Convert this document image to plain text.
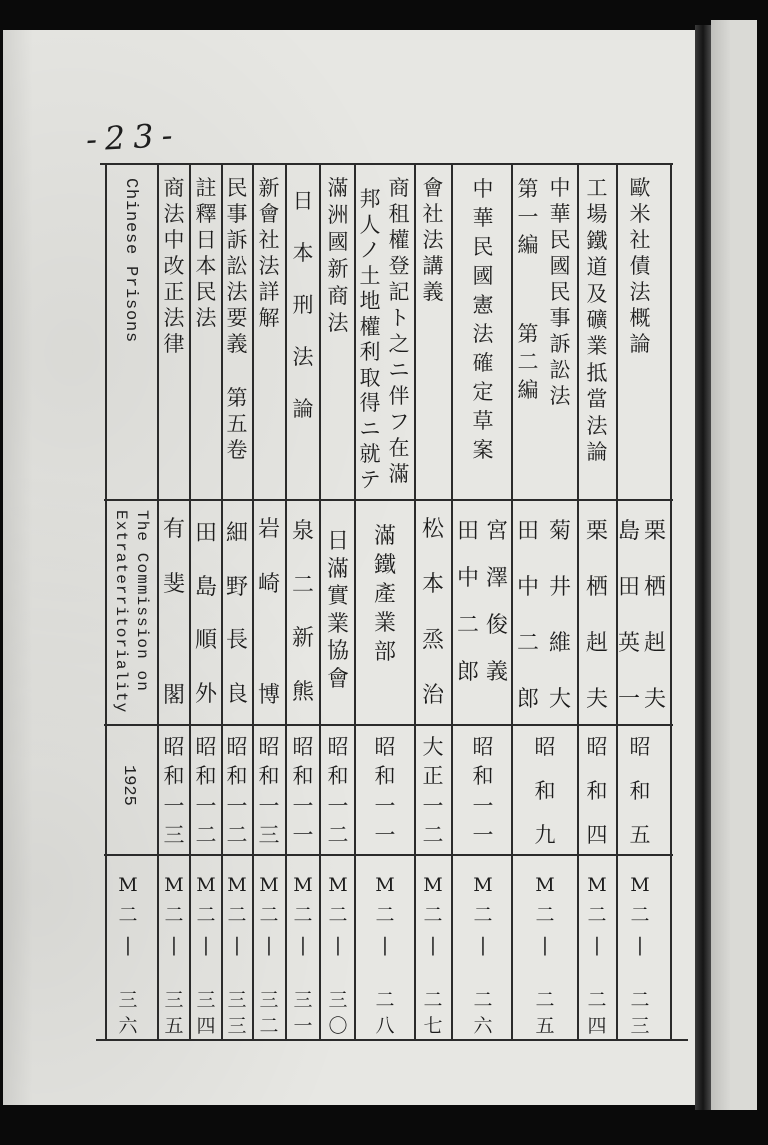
-23-
歐
米
社
債
法
概
論
栗
栖
赳
夫
島
田
英
一
昭
和
五
M
二
|
二
三
工
場
鐵
道
及
礦
業
抵
當
法
論
栗
栖
赳
夫
昭
和
四
M
二
|
二
四
中
華
民
國
民
事
訴
訟
法
第
一
編
第
二
編
菊
井
維
大
田
中
二
郎
昭
和
九
M
二
|
二
五
中
華
民
國
憲
法
確
定
草
案
宮
澤
俊
義
田
中
二
郎
昭
和
一
一
M
二
|
二
六
會
社
法
講
義
松
本
烝
治
大
正
一
二
M
二
|
二
七
商
租
權
登
記
ト
之
ニ
伴
フ
在
滿
邦
人
ノ
土
地
權
利
取
得
ニ
就
テ
滿
鐵
產
業
部
昭
和
一
一
M
二
|
二
八
滿
洲
國
新
商
法
日
滿
實
業
協
會
昭
和
一
二
M
二
|
三
〇
日
本
刑
法
論
泉
二
新
熊
昭
和
一
一
M
二
|
三
一
新
會
社
法
詳
解
岩
崎

博
昭
和
一
三
M
二
|
三
二
民
事
訴
訟
法
要
義
第
五
卷
細
野
長
良
昭
和
一
二
M
二
|
三
三
註
釋
日
本
民
法
田
島
順
外
昭
和
一
二
M
二
|
三
四
商
法
中
改
正
法
律
有
斐

閣
昭
和
一
三
M
二
|
三
五
Chinese Prisons
The Commission on
Extraterritoriality
1925
M
二
|
三
六
